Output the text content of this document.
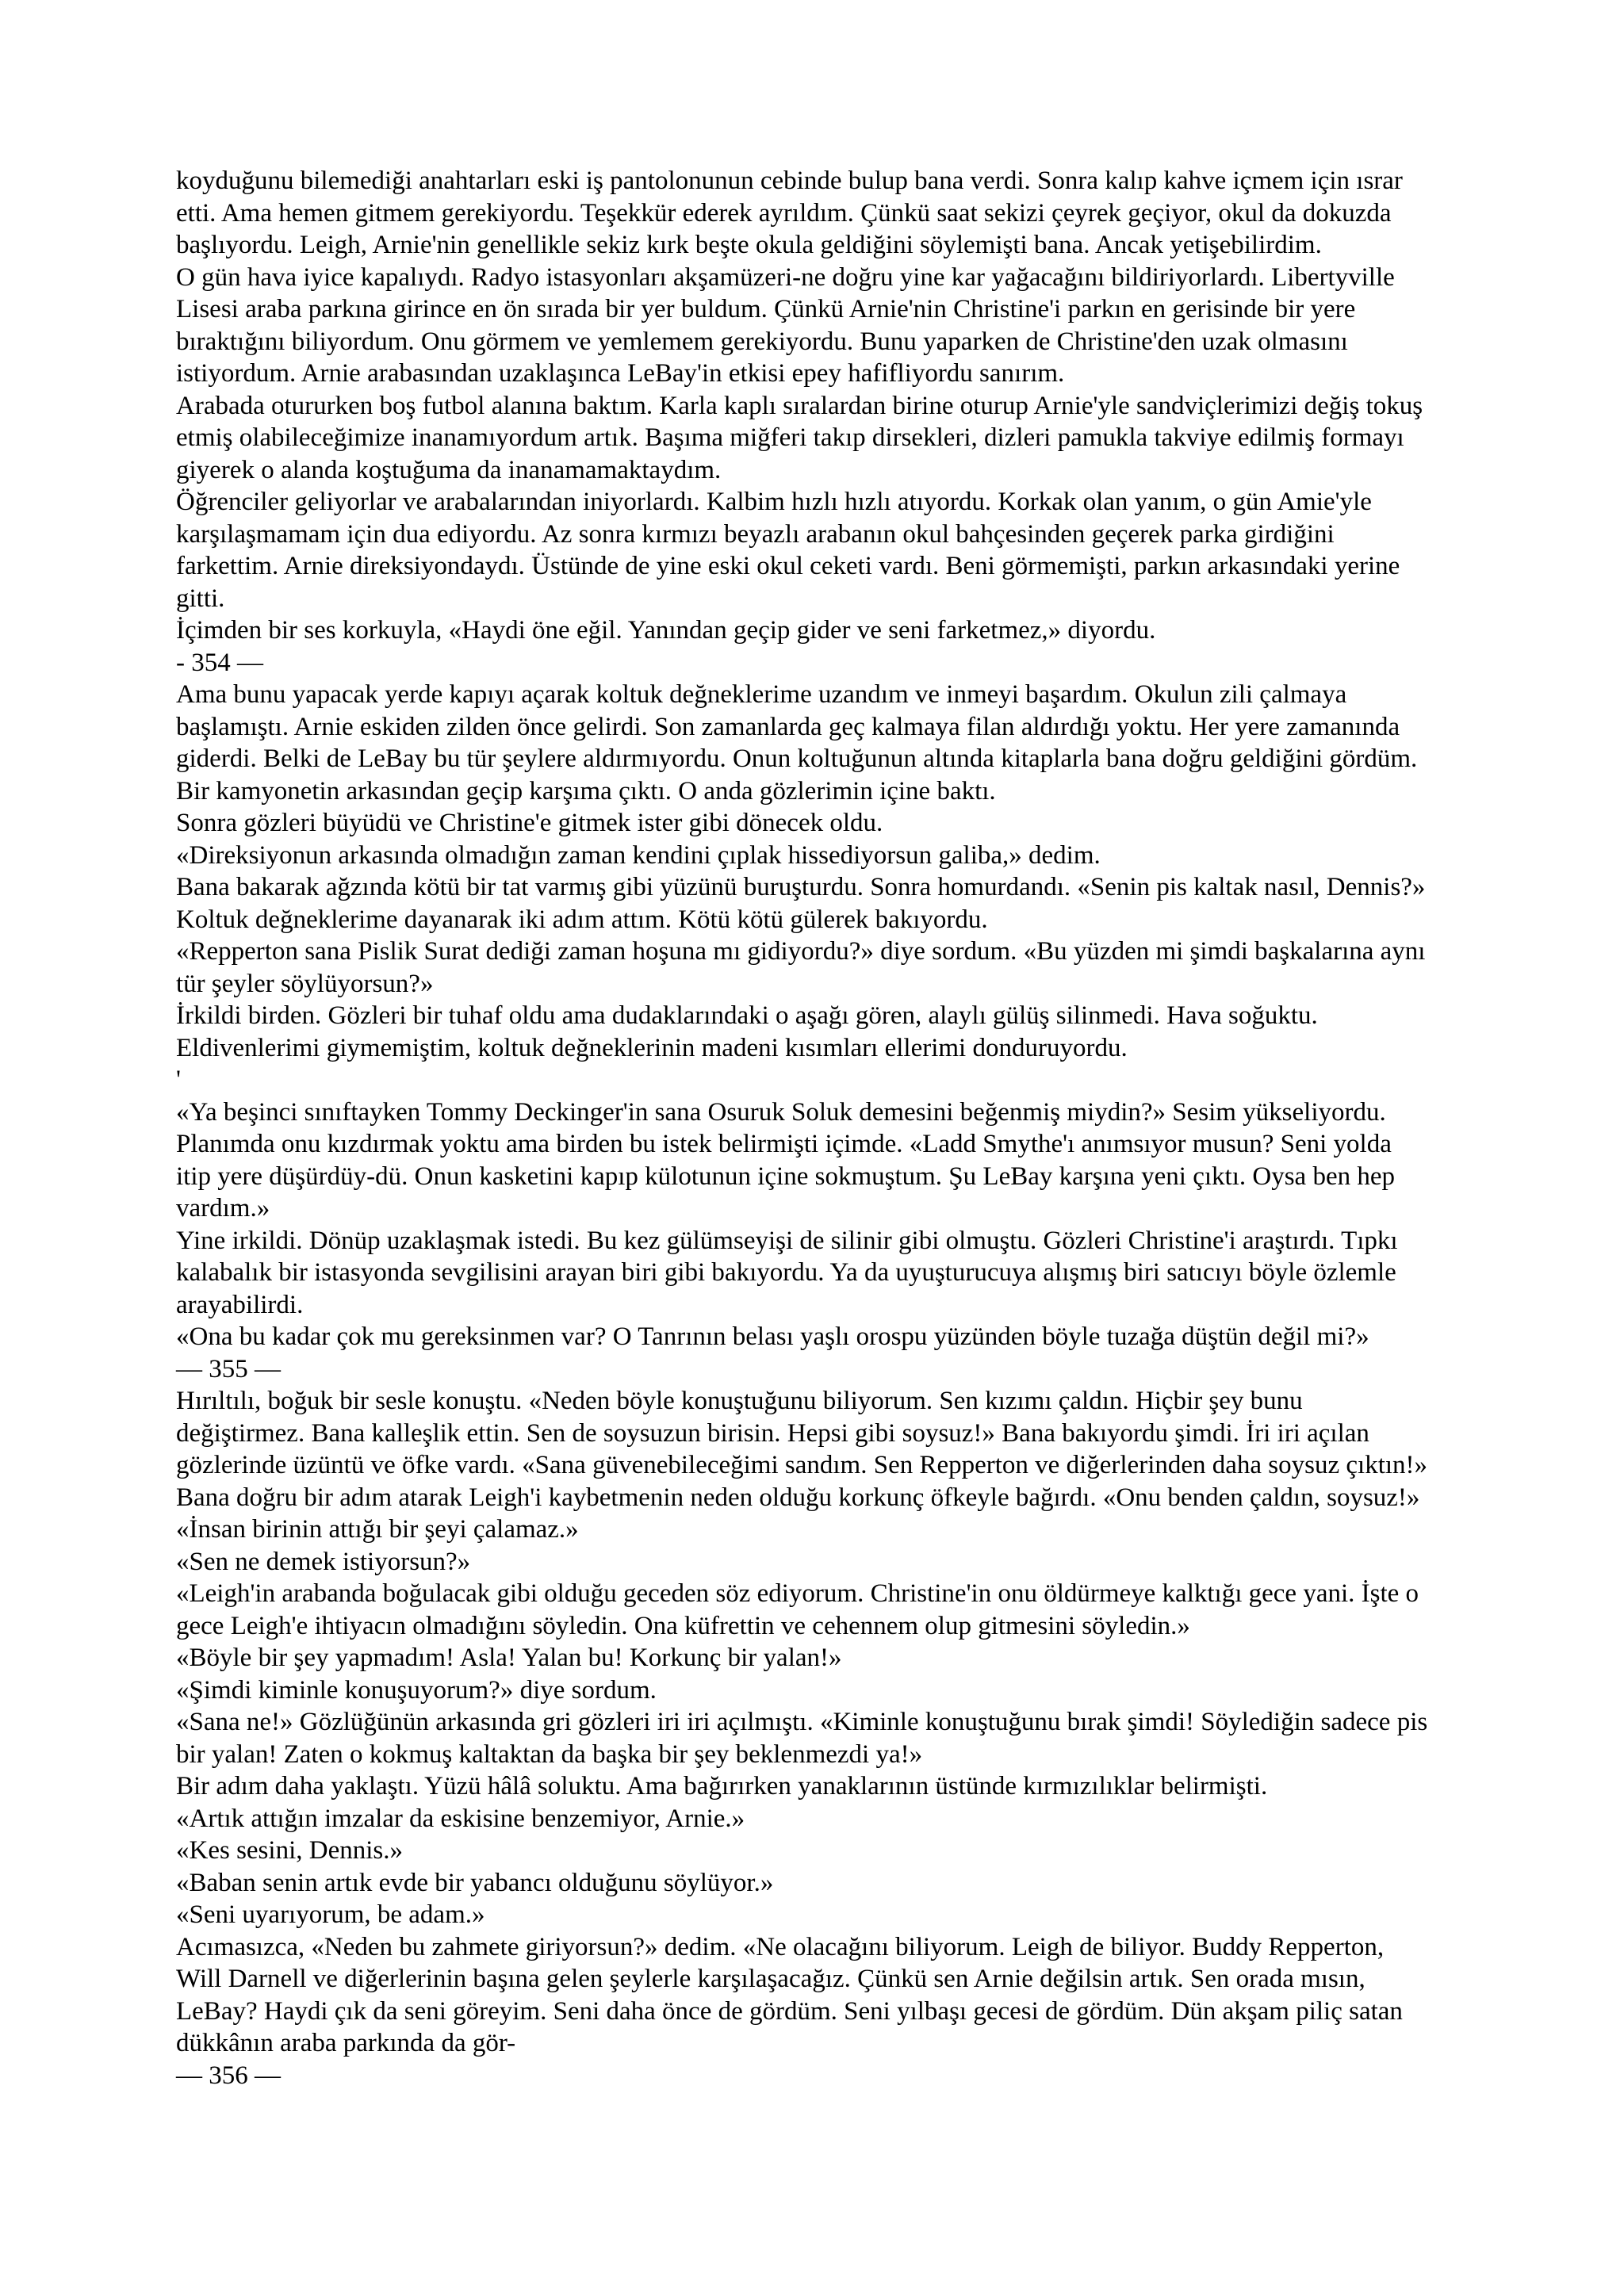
koyduğunu bilemediği anahtarları eski iş pantolonunun cebinde bulup bana verdi. Sonra kalıp kahve içmem için ısrar
etti. Ama hemen gitmem gerekiyordu. Teşekkür ederek ayrıldım. Çünkü saat sekizi çeyrek geçiyor, okul da dokuzda
başlıyordu. Leigh, Arnie'nin genellikle sekiz kırk beşte okula geldiğini söylemişti bana. Ancak yetişebilirdim.
O gün hava iyice kapalıydı. Radyo istasyonları akşamüzeri-ne doğru yine kar yağacağını bildiriyorlardı. Libertyville
Lisesi araba parkına girince en ön sırada bir yer buldum. Çünkü Arnie'nin Christine'i parkın en gerisinde bir yere
bıraktığını biliyordum. Onu görmem ve yemlemem gerekiyordu. Bunu yaparken de Christine'den uzak olmasını
istiyordum. Arnie arabasından uzaklaşınca LeBay'in etkisi epey hafifliyordu sanırım.
Arabada otururken boş futbol alanına baktım. Karla kaplı sıralardan birine oturup Arnie'yle sandviçlerimizi değiş tokuş
etmiş olabileceğimize inanamıyordum artık. Başıma miğferi takıp dirsekleri, dizleri pamukla takviye edilmiş formayı
giyerek o alanda koştuğuma da inanamamaktaydım.
Öğrenciler geliyorlar ve arabalarından iniyorlardı. Kalbim hızlı hızlı atıyordu. Korkak olan yanım, o gün Amie'yle
karşılaşmamam için dua ediyordu. Az sonra kırmızı beyazlı arabanın okul bahçesinden geçerek parka girdiğini
farkettim. Arnie direksiyondaydı. Üstünde de yine eski okul ceketi vardı. Beni görmemişti, parkın arkasındaki yerine
gitti.
İçimden bir ses korkuyla, «Haydi öne eğil. Yanından geçip gider ve seni farketmez,» diyordu.
- 354 —
Ama bunu yapacak yerde kapıyı açarak koltuk değneklerime uzandım ve inmeyi başardım. Okulun zili çalmaya
başlamıştı. Arnie eskiden zilden önce gelirdi. Son zamanlarda geç kalmaya filan aldırdığı yoktu. Her yere zamanında
giderdi. Belki de LeBay bu tür şeylere aldırmıyordu. Onun koltuğunun altında kitaplarla bana doğru geldiğini gördüm.
Bir kamyonetin arkasından geçip karşıma çıktı. O anda gözlerimin içine baktı.
Sonra gözleri büyüdü ve Christine'e gitmek ister gibi dönecek oldu.
«Direksiyonun arkasında olmadığın zaman kendini çıplak hissediyorsun galiba,» dedim.
Bana bakarak ağzında kötü bir tat varmış gibi yüzünü buruşturdu. Sonra homurdandı. «Senin pis kaltak nasıl, Dennis?»
Koltuk değneklerime dayanarak iki adım attım. Kötü kötü gülerek bakıyordu.
«Repperton sana Pislik Surat dediği zaman hoşuna mı gidiyordu?» diye sordum. «Bu yüzden mi şimdi başkalarına aynı
tür şeyler söylüyorsun?»
İrkildi birden. Gözleri bir tuhaf oldu ama dudaklarındaki o aşağı gören, alaylı gülüş silinmedi. Hava soğuktu.
Eldivenlerimi giymemiştim, koltuk değneklerinin madeni kısımları ellerimi donduruyordu.
'
«Ya beşinci sınıftayken Tommy Deckinger'in sana Osuruk Soluk demesini beğenmiş miydin?» Sesim yükseliyordu.
Planımda onu kızdırmak yoktu ama birden bu istek belirmişti içimde. «Ladd Smythe'ı anımsıyor musun? Seni yolda
itip yere düşürdüy-dü. Onun kasketini kapıp külotunun içine sokmuştum. Şu LeBay karşına yeni çıktı. Oysa ben hep
vardım.»
Yine irkildi. Dönüp uzaklaşmak istedi. Bu kez gülümseyişi de silinir gibi olmuştu. Gözleri Christine'i araştırdı. Tıpkı
kalabalık bir istasyonda sevgilisini arayan biri gibi bakıyordu. Ya da uyuşturucuya alışmış biri satıcıyı böyle özlemle
arayabilirdi.
«Ona bu kadar çok mu gereksinmen var? O Tanrının belası yaşlı orospu yüzünden böyle tuzağa düştün değil mi?»
— 355 —
Hırıltılı, boğuk bir sesle konuştu. «Neden böyle konuştuğunu biliyorum. Sen kızımı çaldın. Hiçbir şey bunu
değiştirmez. Bana kalleşlik ettin. Sen de soysuzun birisin. Hepsi gibi soysuz!» Bana bakıyordu şimdi. İri iri açılan
gözlerinde üzüntü ve öfke vardı. «Sana güvenebileceğimi sandım. Sen Repperton ve diğerlerinden daha soysuz çıktın!»
Bana doğru bir adım atarak Leigh'i kaybetmenin neden olduğu korkunç öfkeyle bağırdı. «Onu benden çaldın, soysuz!»
«İnsan birinin attığı bir şeyi çalamaz.»
«Sen ne demek istiyorsun?»
«Leigh'in arabanda boğulacak gibi olduğu geceden söz ediyorum. Christine'in onu öldürmeye kalktığı gece yani. İşte o
gece Leigh'e ihtiyacın olmadığını söyledin. Ona küfrettin ve cehennem olup gitmesini söyledin.»
«Böyle bir şey yapmadım! Asla! Yalan bu! Korkunç bir yalan!»
«Şimdi kiminle konuşuyorum?» diye sordum.
«Sana ne!» Gözlüğünün arkasında gri gözleri iri iri açılmıştı. «Kiminle konuştuğunu bırak şimdi! Söylediğin sadece pis
bir yalan! Zaten o kokmuş kaltaktan da başka bir şey beklenmezdi ya!»
Bir adım daha yaklaştı. Yüzü hâlâ soluktu. Ama bağırırken yanaklarının üstünde kırmızılıklar belirmişti.
«Artık attığın imzalar da eskisine benzemiyor, Arnie.»
«Kes sesini, Dennis.»
«Baban senin artık evde bir yabancı olduğunu söylüyor.»
«Seni uyarıyorum, be adam.»
Acımasızca, «Neden bu zahmete giriyorsun?» dedim. «Ne olacağını biliyorum. Leigh de biliyor. Buddy Repperton,
Will Darnell ve diğerlerinin başına gelen şeylerle karşılaşacağız. Çünkü sen Arnie değilsin artık. Sen orada mısın,
LeBay? Haydi çık da seni göreyim. Seni daha önce de gördüm. Seni yılbaşı gecesi de gördüm. Dün akşam piliç satan
dükkânın araba parkında da gör-
— 356 —
